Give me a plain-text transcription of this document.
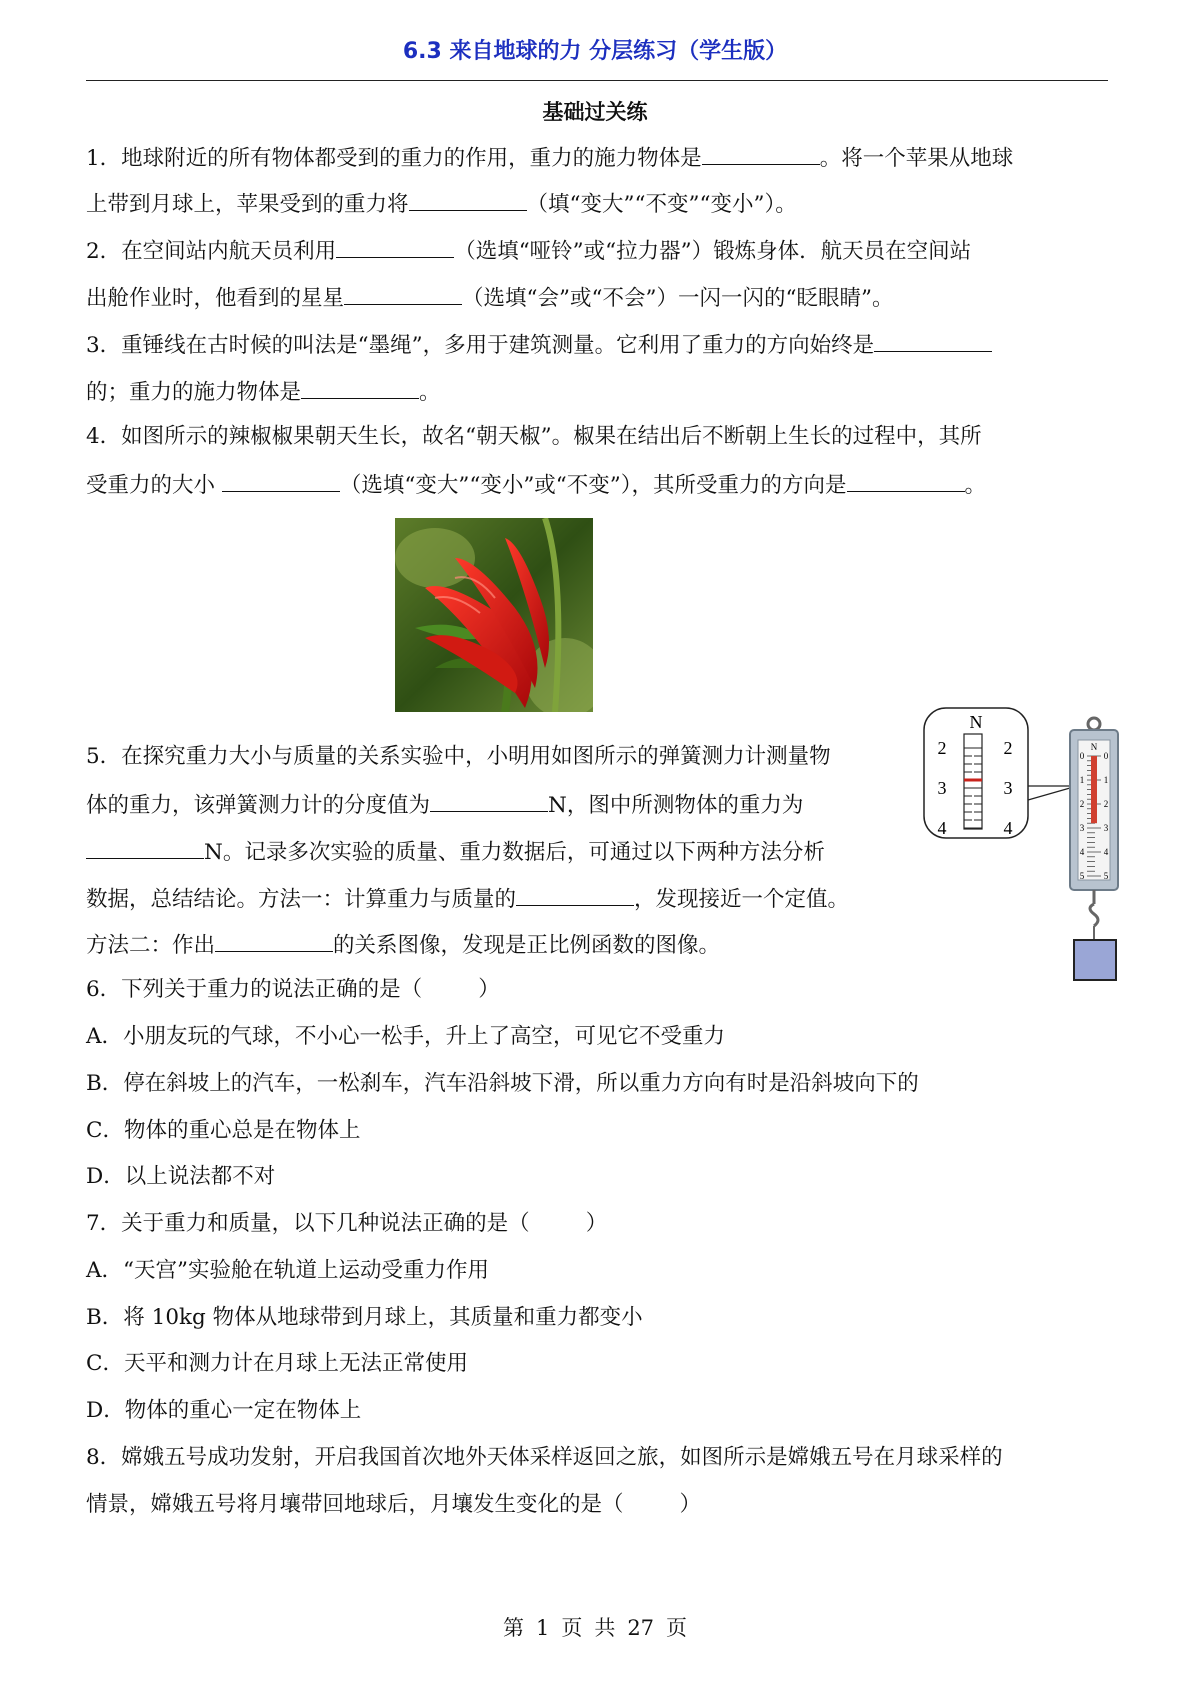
6.3 来自地球的力 分层练习（学生版）
基础过关练
1．地球附近的所有物体都受到的重力的作用，重力的施力物体是	。将一个苹果从地球
上带到月球上，苹果受到的重力将	（填“变大”“不变”“变小”）。
2．在空间站内航天员利用	（选填“哑铃”或“拉力器”）锻炼身体．航天员在空间站
出舱作业时，他看到的星星	（选填“会”或“不会”）一闪一闪的“眨眼睛”。
3．重锤线在古时候的叫法是“墨绳”，多用于建筑测量。它利用了重力的方向始终是
的；重力的施力物体是	。
4．如图所示的辣椒椒果朝天生长，故名“朝天椒”。椒果在结出后不断朝上生长的过程中，其所
受重力的大小	（选填“变大”“变小”或“不变”），其所受重力的方向是	。
5．在探究重力大小与质量的关系实验中，小明用如图所示的弹簧测力计测量物
体的重力，该弹簧测力计的分度值为	N，图中所测物体的重力为
N。记录多次实验的质量、重力数据后，可通过以下两种方法分析
数据，总结结论。方法一：计算重力与质量的	，发现接近一个定值。
方法二：作出	的关系图像，发现是正比例函数的图像。
N
2
3
4
2
3
4
N
0 0
1 1
2 2
3 3
4 4
5 5
6．下列关于重力的说法正确的是（	）
A．小朋友玩的气球，不小心一松手，升上了高空，可见它不受重力
B．停在斜坡上的汽车，一松刹车，汽车沿斜坡下滑，所以重力方向有时是沿斜坡向下的
C．物体的重心总是在物体上
D．以上说法都不对
7．关于重力和质量，以下几种说法正确的是（	）
A．“天宫”实验舱在轨道上运动受重力作用
B．将 10kg 物体从地球带到月球上，其质量和重力都变小
C．天平和测力计在月球上无法正常使用
D．物体的重心一定在物体上
8．嫦娥五号成功发射，开启我国首次地外天体采样返回之旅，如图所示是嫦娥五号在月球采样的
情景，嫦娥五号将月壤带回地球后，月壤发生变化的是（	）
第 1 页 共 27 页
